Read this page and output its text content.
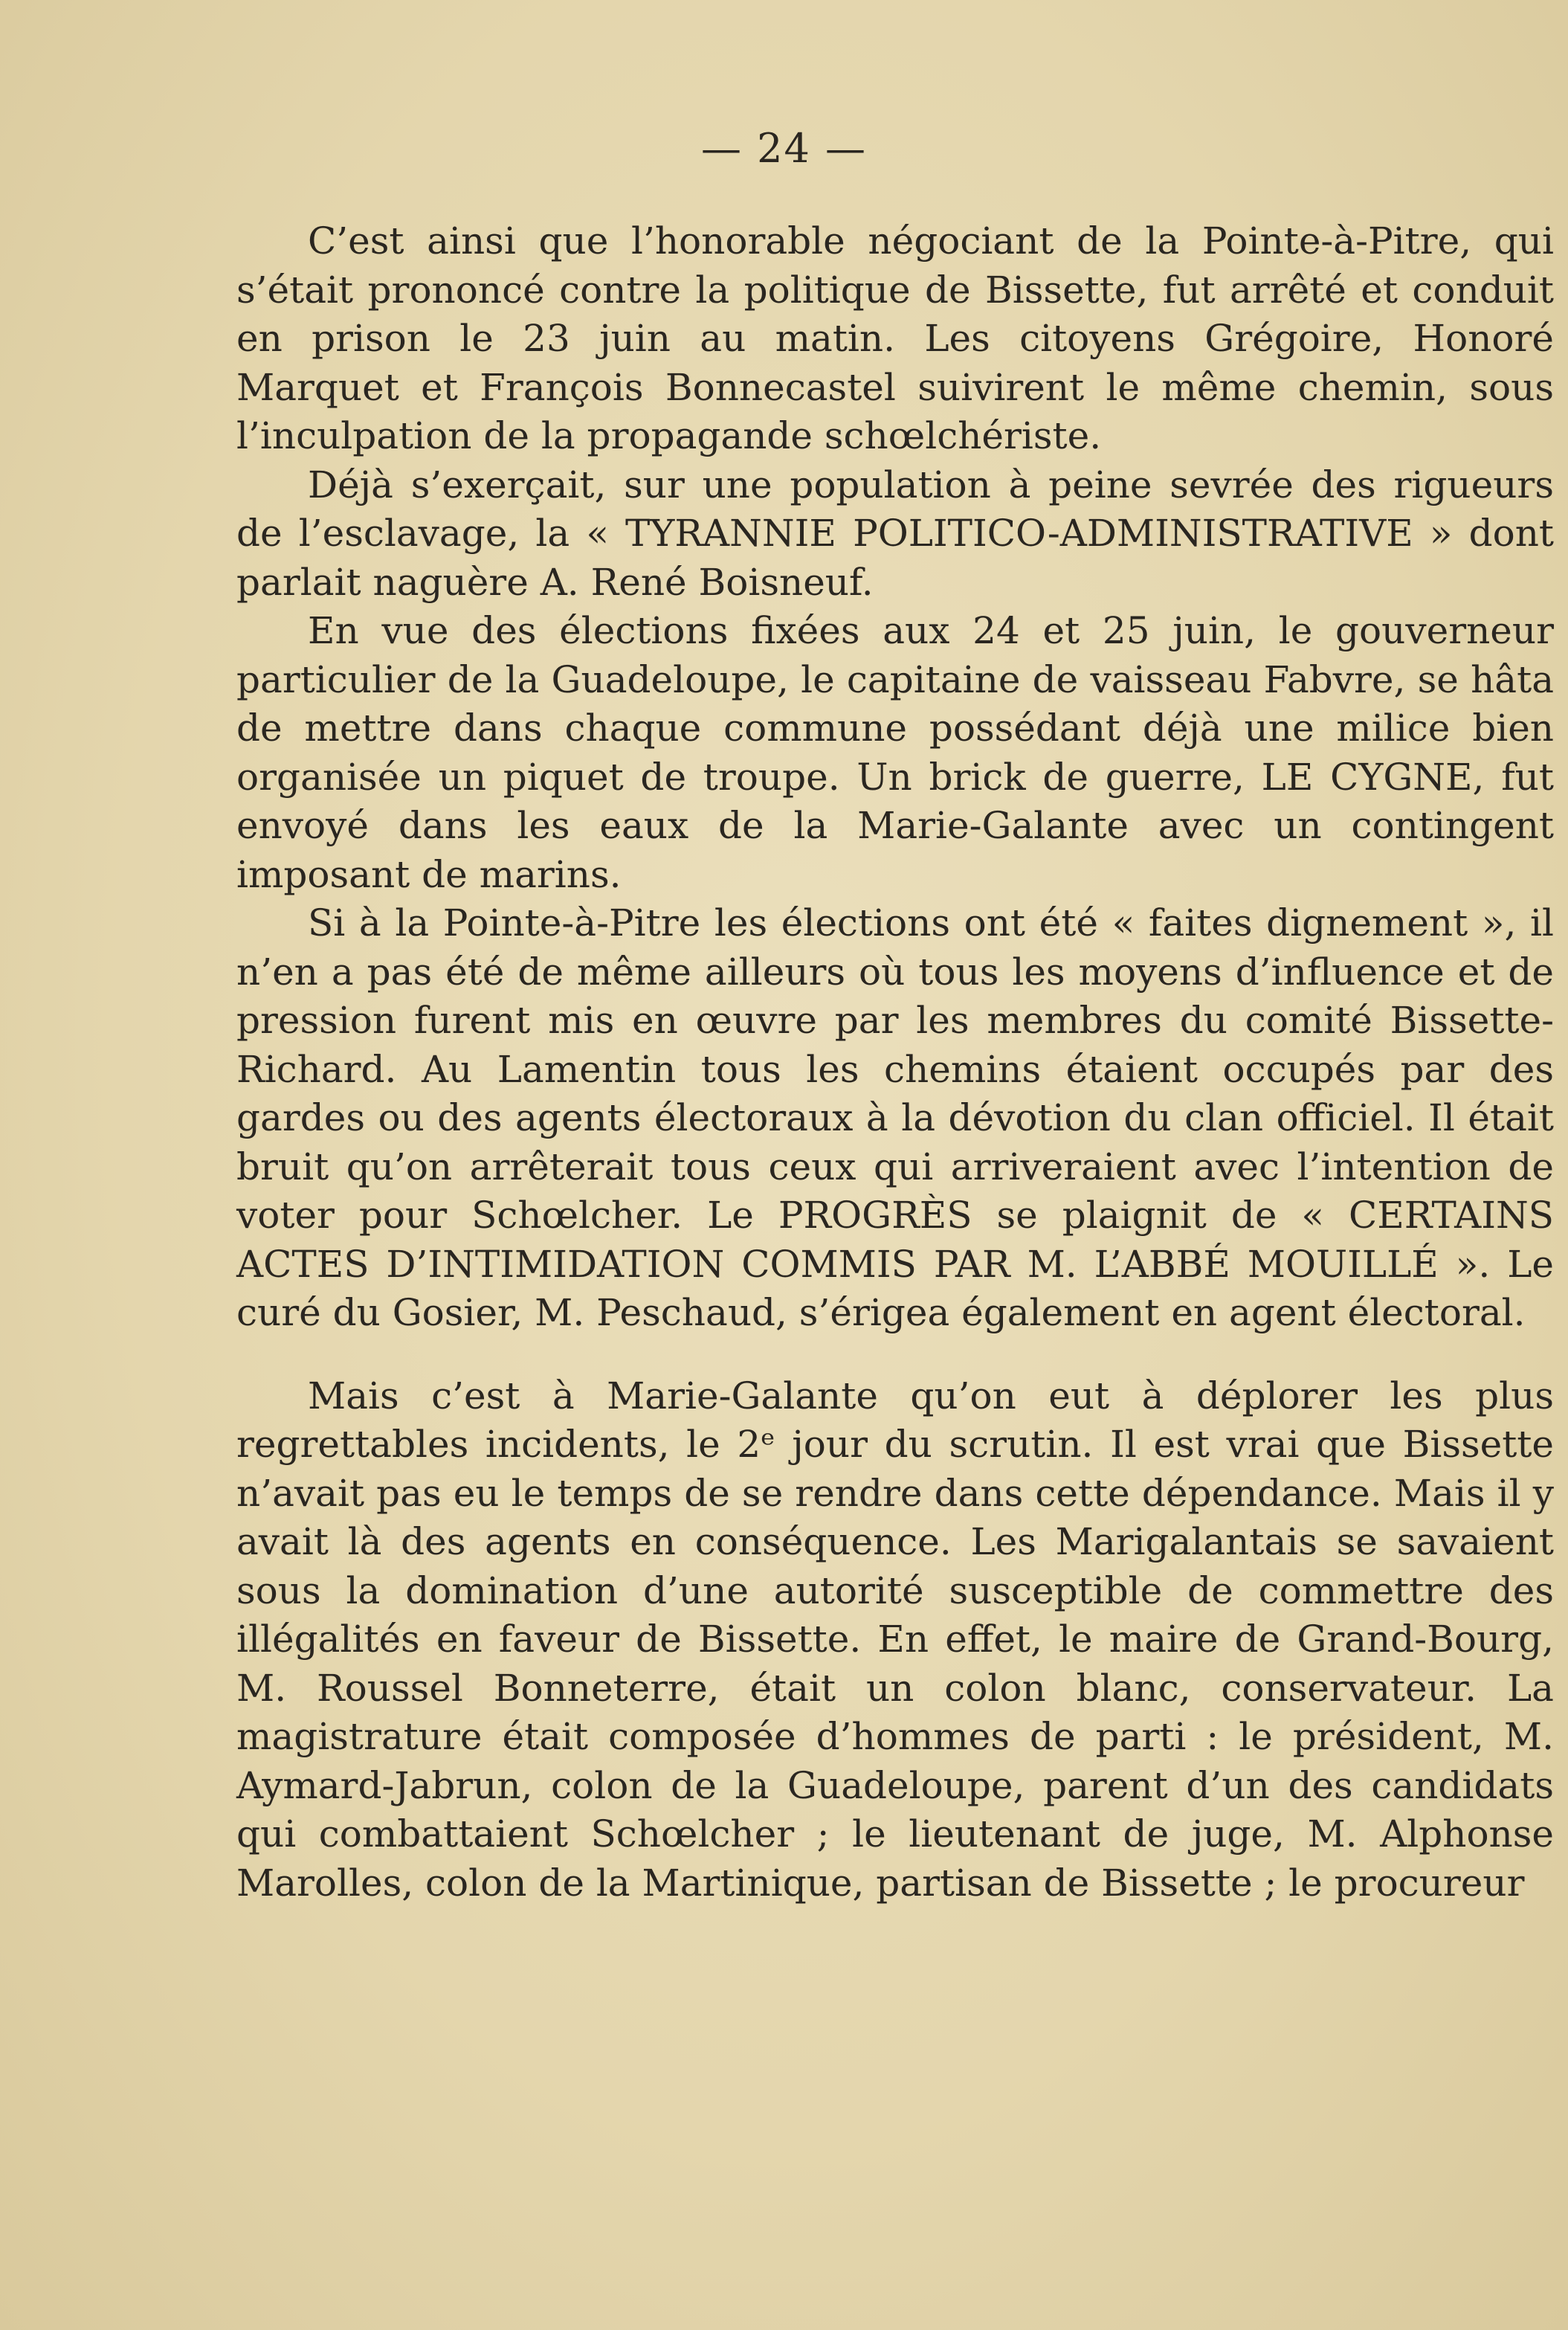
— 24 —

C’est ainsi que l’honorable négociant de la Pointe-à-Pitre, qui s’était prononcé contre la politique de Bissette, fut arrêté et conduit en prison le 23 juin au matin. Les citoyens Grégoire, Honoré Marquet et François Bonnecastel suivirent le même chemin, sous l’inculpation de la propagande schœlchériste.

Déjà s’exerçait, sur une population à peine sevrée des rigueurs de l’esclavage, la « TYRANNIE POLITICO-ADMINISTRATIVE » dont parlait naguère A. René Boisneuf.

En vue des élections fixées aux 24 et 25 juin, le gouverneur particulier de la Guadeloupe, le capitaine de vaisseau Fabvre, se hâta de mettre dans chaque commune possédant déjà une milice bien organisée un piquet de troupe. Un brick de guerre, LE CYGNE, fut envoyé dans les eaux de la Marie-Galante avec un contingent imposant de marins.

Si à la Pointe-à-Pitre les élections ont été « faites dignement », il n’en a pas été de même ailleurs où tous les moyens d’influence et de pression furent mis en œuvre par les membres du comité Bissette-Richard. Au Lamentin tous les chemins étaient occupés par des gardes ou des agents électoraux à la dévotion du clan officiel. Il était bruit qu’on arrêterait tous ceux qui arriveraient avec l’intention de voter pour Schœlcher. Le PROGRÈS se plaignit de « CERTAINS ACTES D’INTIMIDATION COMMIS PAR M. L’ABBÉ MOUILLÉ ». Le curé du Gosier, M. Peschaud, s’érigea également en agent électoral.

Mais c’est à Marie-Galante qu’on eut à déplorer les plus regrettables incidents, le 2ᵉ jour du scrutin. Il est vrai que Bissette n’avait pas eu le temps de se rendre dans cette dépendance. Mais il y avait là des agents en conséquence. Les Marigalantais se savaient sous la domination d’une autorité susceptible de commettre des illégalités en faveur de Bissette. En effet, le maire de Grand-Bourg, M. Roussel Bonneterre, était un colon blanc, conservateur. La magistrature était composée d’hommes de parti : le président, M. Aymard-Jabrun, colon de la Guadeloupe, parent d’un des candidats qui combattaient Schœlcher ; le lieutenant de juge, M. Alphonse Marolles, colon de la Martinique, partisan de Bissette ; le procureur
